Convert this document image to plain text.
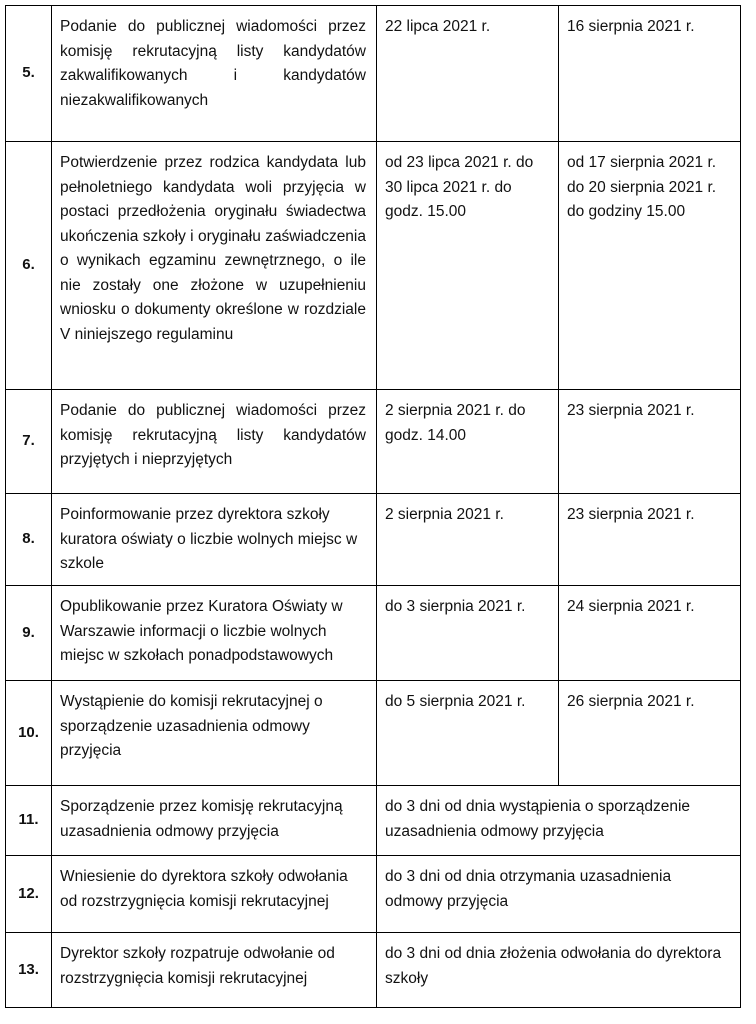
5.	Podanie do publicznej wiadomości przez komisję rekrutacyjną listy kandydatów zakwalifikowanych i kandydatów niezakwalifikowanych	22 lipca 2021 r.	16 sierpnia 2021 r.
6.	Potwierdzenie przez rodzica kandydata lub pełnoletniego kandydata woli przyjęcia w postaci przedłożenia oryginału świadectwa ukończenia szkoły i oryginału zaświadczenia o wynikach egzaminu zewnętrznego, o ile nie zostały one złożone w uzupełnieniu wniosku o dokumenty określone w rozdziale V niniejszego regulaminu	od 23 lipca 2021 r. do 30 lipca 2021 r. do godz. 15.00	od 17 sierpnia 2021 r. do 20 sierpnia 2021 r. do godziny 15.00
7.	Podanie do publicznej wiadomości przez komisję rekrutacyjną listy kandydatów przyjętych i nieprzyjętych	2 sierpnia 2021 r. do godz. 14.00	23 sierpnia 2021 r.
8.	Poinformowanie przez dyrektora szkoły kuratora oświaty o liczbie wolnych miejsc w szkole	2 sierpnia 2021 r.	23 sierpnia 2021 r.
9.	Opublikowanie przez Kuratora Oświaty w Warszawie informacji o liczbie wolnych miejsc w szkołach ponadpodstawowych	do 3 sierpnia 2021 r.	24 sierpnia 2021 r.
10.	Wystąpienie do komisji rekrutacyjnej o sporządzenie uzasadnienia odmowy przyjęcia	do 5 sierpnia 2021 r.	26 sierpnia 2021 r.
11.	Sporządzenie przez komisję rekrutacyjną uzasadnienia odmowy przyjęcia	do 3 dni od dnia wystąpienia o sporządzenie uzasadnienia odmowy przyjęcia	
12.	Wniesienie do dyrektora szkoły odwołania od rozstrzygnięcia komisji rekrutacyjnej	do 3 dni od dnia otrzymania uzasadnienia odmowy przyjęcia	
13.	Dyrektor szkoły rozpatruje odwołanie od rozstrzygnięcia komisji rekrutacyjnej	do 3 dni od dnia złożenia odwołania do dyrektora szkoły	
